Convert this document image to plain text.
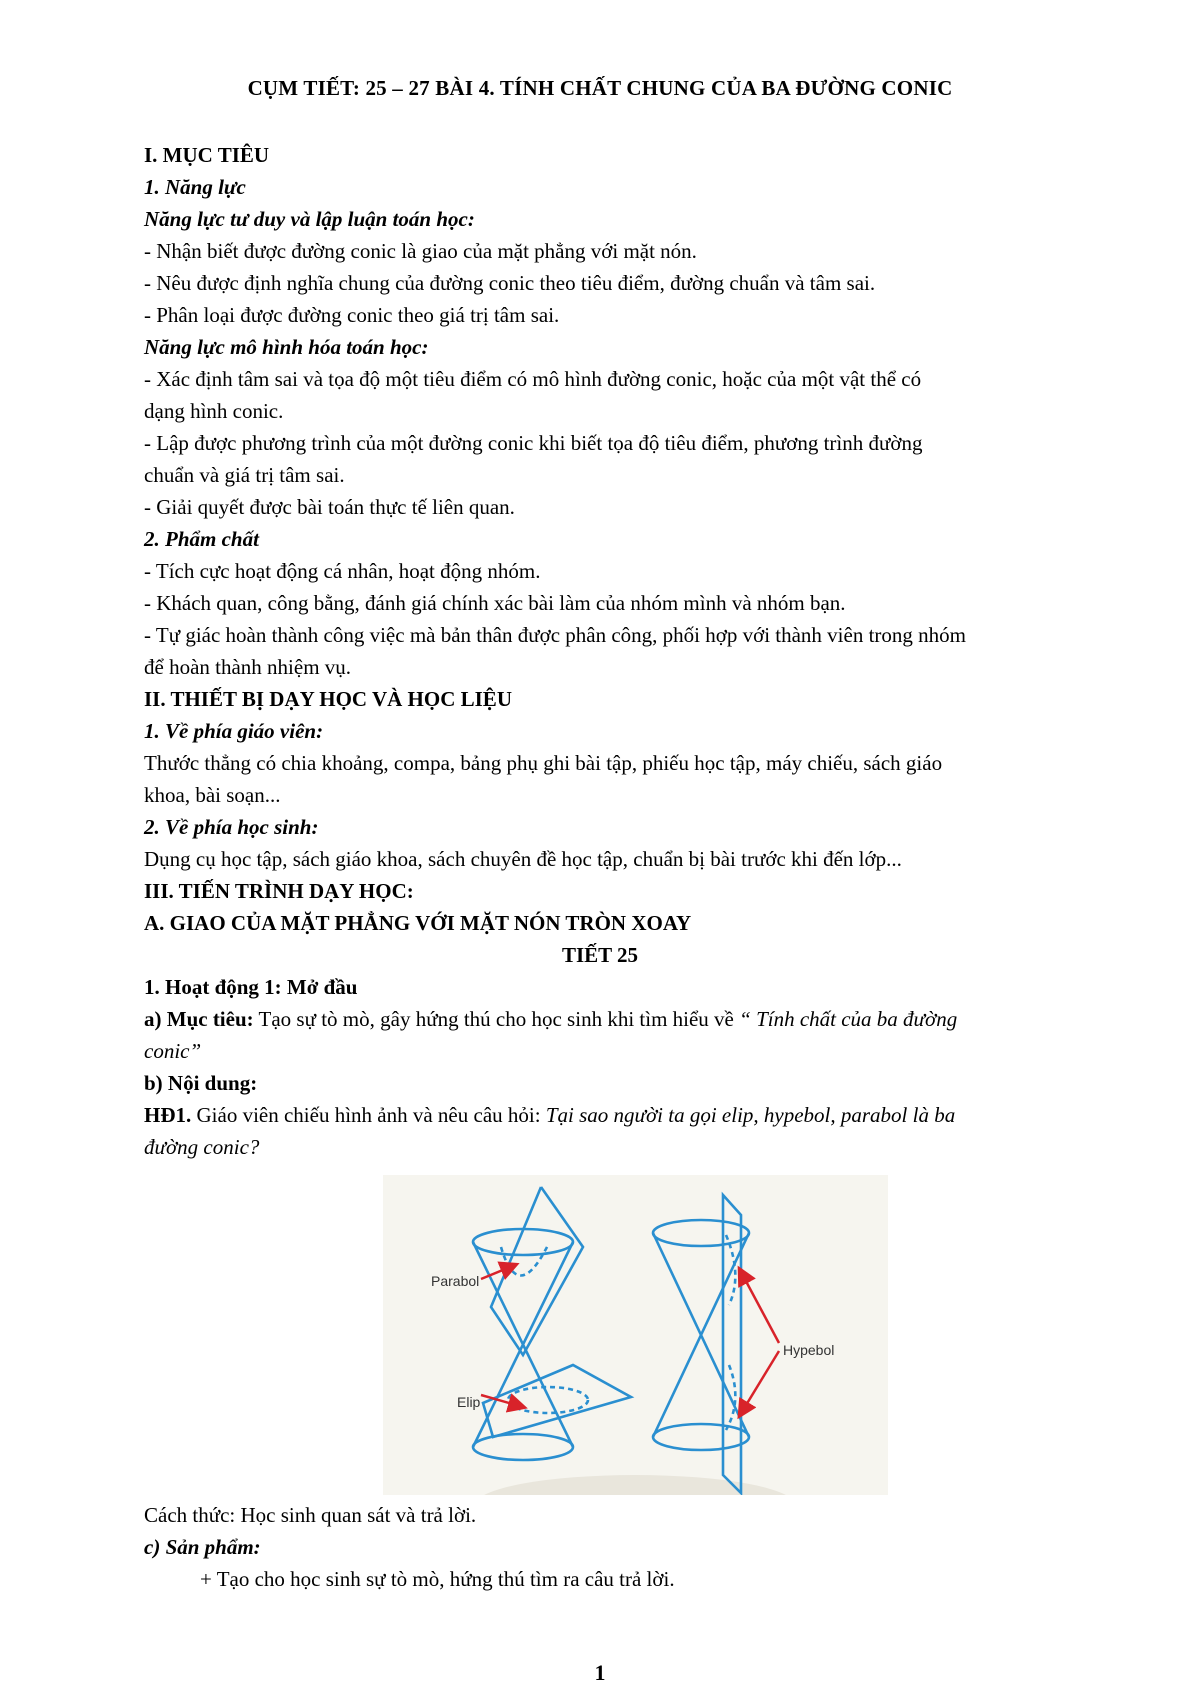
CỤM TIẾT: 25 – 27 BÀI 4. TÍNH CHẤT CHUNG CỦA BA ĐƯỜNG CONIC
I. MỤC TIÊU
1. Năng lực
Năng lực tư duy và lập luận toán học:
- Nhận biết được đường conic là giao của mặt phẳng với mặt nón.
- Nêu được định nghĩa chung của đường conic theo tiêu điểm, đường chuẩn và tâm sai.
- Phân loại được đường conic theo giá trị tâm sai.
Năng lực mô hình hóa toán học:
- Xác định tâm sai và tọa độ một tiêu điểm có mô hình đường conic, hoặc của một vật thể có
dạng hình conic.
- Lập được phương trình của một đường conic khi biết tọa độ tiêu điểm, phương trình đường
chuẩn và giá trị tâm sai.
- Giải quyết được bài toán thực tế liên quan.
2. Phẩm chất
- Tích cực hoạt động cá nhân, hoạt động nhóm.
- Khách quan, công bằng, đánh giá chính xác bài làm của nhóm mình và nhóm bạn.
- Tự giác hoàn thành công việc mà bản thân được phân công, phối hợp với thành viên trong nhóm
để hoàn thành nhiệm vụ.
II. THIẾT BỊ DẠY HỌC VÀ HỌC LIỆU
1. Về phía giáo viên:
Thước thẳng có chia khoảng, compa, bảng phụ ghi bài tập, phiếu học tập, máy chiếu, sách giáo
khoa, bài soạn...
2. Về phía học sinh:
Dụng cụ học tập, sách giáo khoa, sách chuyên đề học tập, chuẩn bị bài trước khi đến lớp...
III. TIẾN TRÌNH DẠY HỌC:
A. GIAO CỦA MẶT PHẲNG VỚI MẶT NÓN TRÒN XOAY
TIẾT 25
1. Hoạt động 1: Mở đầu
a) Mục tiêu: Tạo sự tò mò, gây hứng thú cho học sinh khi tìm hiểu về “ Tính chất của ba đường
conic”
b) Nội dung:
HĐ1. Giáo viên chiếu hình ảnh và nêu câu hỏi: Tại sao người ta gọi elip, hypebol, parabol là ba
đường conic?
Parabol
Elip
Hypebol
Cách thức: Học sinh quan sát và trả lời.
c) Sản phẩm:
+ Tạo cho học sinh sự tò mò, hứng thú tìm ra câu trả lời.
1
